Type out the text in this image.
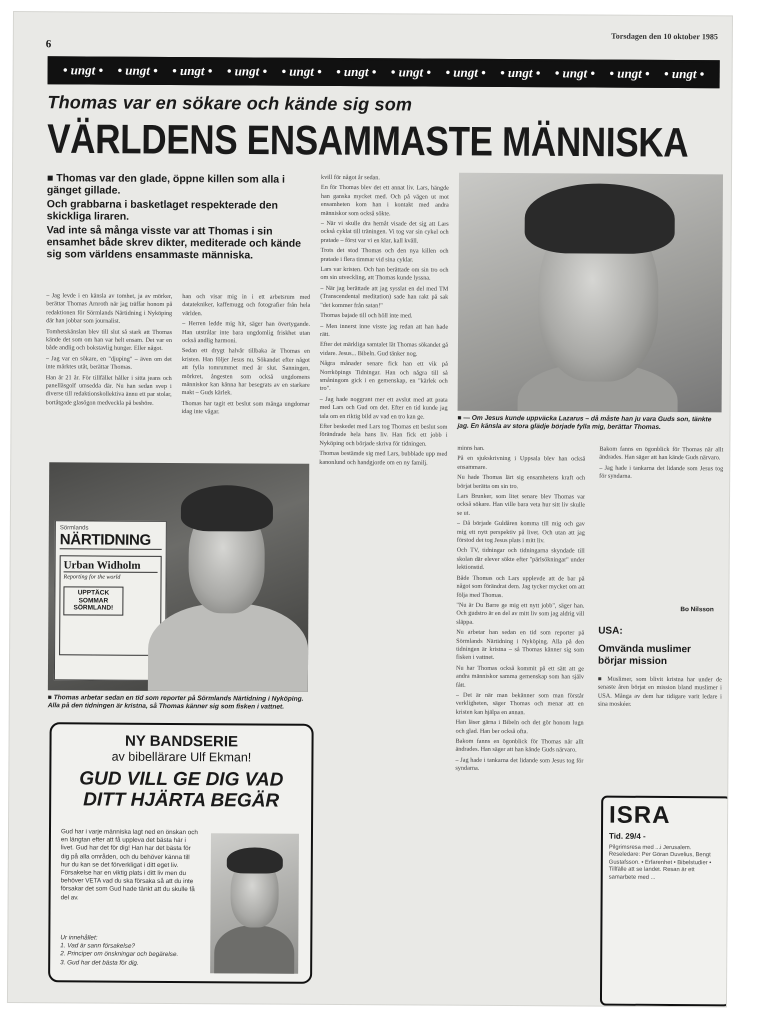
6
Torsdagen den 10 oktober 1985
• ungt • • ungt • • ungt • • ungt • • ungt • • ungt • • ungt • • ungt • • ungt • • ungt • • ungt • • ungt •
Thomas var en sökare och kände sig som
VÄRLDENS ENSAMMASTE MÄNNISKA

■ Thomas var den glade, öppne killen som alla i gänget gillade.

Och grabbarna i basketlaget respekterade den skickliga liraren.

Vad inte så många visste var att Thomas i sin ensamhet både skrev dikter, mediterade och kände sig som världens ensammaste människa.

– Jag levde i en känsla av tomhet, ja av mörker, berättar Thomas Arnroth när jag träffar honom på redaktionen för Sörmlands Närtidning i Nyköping där han jobbar som journalist.

Tomhetskänslan blev till slut så stark att Thomas kände det som om han var helt ensam. Det var en både andlig och bokstavlig hunger. Eller något.

– Jag var en sökare, en "djuping" – även om det inte märktes utåt, berättar Thomas.

Han är 21 år. För tillfället håller i sitta jeans och panelläsgolf umsedda där. Nu han sedan svep i diverse till redaktionskollektiva ännu ett par stolar, bortåtgade glasögon medveckla på beshöre.

han och visar mig in i ett arbetsrum med datatekniker, kaffemugg och fotografier från hela världen.

– Herren ledde mig hit, säger han övertygande. Han utstrålar inte bara ungdomlig friskhet utan också andlig harmoni.

Sedan ett drygt halvår tillbaka är Thomas en kristen. Han följer Jesus nu. Sökandet efter något att fylla tomrummet med är slut. Sanningen, mörkret, ångesten som också ungdomens människor kan känna har besegrats av en starkare makt – Guds kärlek.

Thomas har tagit ett beslut som många ungdomar idag inte vågar.

kvill för något år sedan.

En för Thomas blev det ett annat liv. Lars, hängde han ganska mycket med. Och på vägen ut mot ensamheten kom han i kontakt med andra människor som också sökte.

– När vi skulle dra hemåt visade det sig att Lars också cyklat till träningen. Vi tog var sin cykel och pratade – först var vi en klar, kall kväll.

Trots det stod Thomas och den nya killen och pratade i flera timmar vid sina cyklar.

Lars var kristen. Och han berättade om sin tro och om sin utveckling, att Thomas kunde lyssna.

– När jag berättade att jag sysslat en del med TM (Transcendental meditation) sade han rakt på sak "det kommer från satan!"

Thomas bajade till och höll inte med.

– Men innerst inne visste jag redan att han hade rätt.

Efter det märkliga samtalet lät Thomas sökandet gå vidare. Jesus... Bibeln. Gud tänker nog.

Några månader senare fick han ett vik på Norrköpings Tidningar. Han och några till så småningom gick i en gemenskap, en "kärlek och tro".

– Jag hade noggrant mer ett avslut med att prata med Lars och Gud om det. Efter en tid kunde jag tala om en riktig bild av vad en tro kan ge.

Efter beskedet med Lars tog Thomas ett beslut som förändrade hela hans liv. Han fick ett jobb i Nyköping och började skriva för tidningen.

Thomas bestämde sig med Lars, bubblade upp med kanonlund och handgjorde om en ny familj.

minns han.

På en sjukskrivning i Uppsala blev han också ensammare.

Nu hade Thomas lärt sig ensamhetens kraft och börjat berätta om sin tro.

Lars Brunker, som litet senare blev Thomas var också sökare. Han ville bara veta hur sitt liv skulle se ut.

– Då började Guldåren komma till mig och gav mig ett nytt perspektiv på livet. Och utan att jag förstod det tog Jesus plats i mitt liv.

Och TV, tidningar och tidningarna skyndade till skolan där elever sökte efter "pärlsökningar" under lektionstid.

Både Thomas och Lars upplevde att de bar på något som förändrat dem. Jag tycker mycket om att följa med Thomas.

"Nu är Du Barre ge mig ett nytt jobb", säger han. Och gudstro är en del av mitt liv som jag aldrig vill släppa.

Nu arbetar han sedan en tid som reporter på Sörmlands Närtidning i Nyköping. Alla på den tidningen är kristna – så Thomas känner sig som fisken i vattnet.

Nu har Thomas också kommit på ett sätt att ge andra människor samma gemenskap som han själv fått.

– Det är när man bekänner som man förstår verkligheten, säger Thomas och menar att en kristen kan hjälpa en annan.

Han läser gärna i Bibeln och det gör honom lugn och glad. Han ber också ofta.

Bakom fanns en ögonblick för Thomas när allt ändrades. Han säger att han kände Guds närvaro.

– Jag hade i tankarna det lidande som Jesus tog för syndarna.

■ — Om Jesus kunde uppväcka Lazarus – då måste han ju vara Guds son, tänkte jag. En känsla av stora glädje började fylla mig, berättar Thomas.
Sörmlands
NÄRTIDNING
Urban Widholm
Reporting for the world
UPPTÄCK SOMMAR SÖRMLAND!
■ Thomas arbetar sedan en tid som reporter på Sörmlands Närtidning i Nyköping. Alla på den tidningen är kristna, så Thomas känner sig som fisken i vattnet.
NY BANDSERIE
av bibellärare Ulf Ekman!
GUD VILL GE DIG VAD DITT HJÄRTA BEGÄR
Gud har i varje människa lagt ned en önskan och en längtan efter att få uppleva det bästa här i livet. Gud har det för dig! Han har det bästa för dig på alla områden, och du behöver känna till hur du kan se det förverkligat i ditt eget liv. Försakelse har en viktig plats i ditt liv men du behöver VETA vad du ska försaka så att du inte försakar det som Gud hade tänkt att du skulle få del av.
Ur innehållet:
1. Vad är sann försakelse?
2. Principer om önskningar och begärelse.
3. Gud har det bästa för dig.

Bakom fanns en ögonblick för Thomas när allt ändrades. Han säger att han kände Guds närvaro.

– Jag hade i tankarna det lidande som Jesus tog för syndarna.

Bo Nilsson
USA:
Omvända muslimer börjar mission

■ Muslimer, som blivit kristna har under de senaste åren börjat en mission bland muslimer i USA. Många av dem har tidigare varit ledare i sina moskéer.

ISRA
Tid. 29/4 -
Pilgrimsresa med ...i Jerusalem. Reseledare: Per Göran Duvelius, Bengt Gustafsson. • Erfarenhet • Bibelstudier • Tillfälle att se landet. Resan är ett samarbete med ...
